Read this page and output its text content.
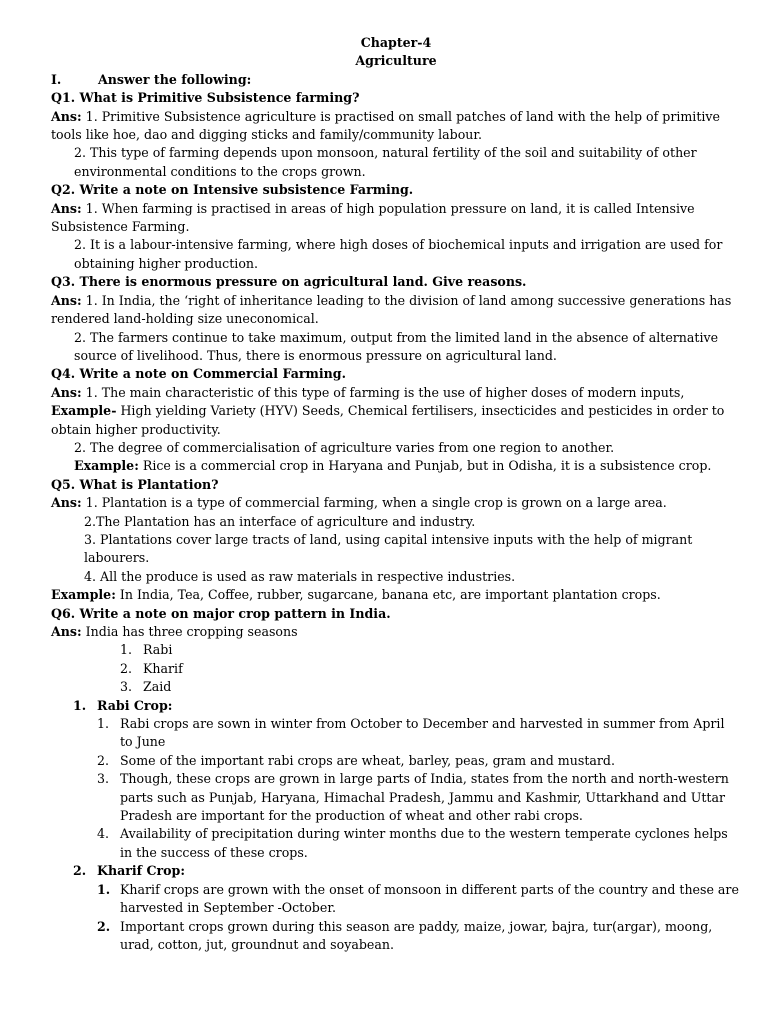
Chapter-4

Agriculture

I.	Answer the following:

Q1. What is Primitive Subsistence farming?

Ans: 1. Primitive Subsistence agriculture is practised on small patches of land with the help of primitive tools like hoe, dao and digging sticks and family/community labour.

2. This type of farming depends upon monsoon, natural fertility of the soil and suitability of other environmental conditions to the crops grown.

Q2. Write a note on Intensive subsistence Farming.

Ans: 1. When farming is practised in areas of high population pressure on land, it is called Intensive Subsistence Farming.

2. It is a labour-intensive farming, where high doses of biochemical inputs and irrigation are used for obtaining higher production.

Q3. There is enormous pressure on agricultural land. Give reasons.

Ans: 1. In India, the ‘right of inheritance leading to the division of land among successive generations has rendered land-holding size uneconomical.

2. The farmers continue to take maximum, output from the limited land in the absence of alternative source of livelihood. Thus, there is enormous pressure on agricultural land.

Q4. Write a note on Commercial Farming.

Ans: 1. The main characteristic of this type of farming is the use of higher doses of modern inputs,

Example- High yielding Variety (HYV) Seeds, Chemical fertilisers, insecticides and pesticides in order to obtain higher productivity.

2. The degree of commercialisation of agriculture varies from one region to another.

Example: Rice is a commercial crop in Haryana and Punjab, but in Odisha, it is a subsistence crop.

Q5. What is Plantation?

Ans: 1. Plantation is a type of commercial farming, when a single crop is grown on a large area.

2.The Plantation has an interface of agriculture and industry.

3. Plantations cover large tracts of land, using capital intensive inputs with the help of migrant labourers.

4. All the produce is used as raw materials in respective industries.

Example: In India, Tea, Coffee, rubber, sugarcane, banana etc, are important plantation crops.

Q6. Write a note on major crop pattern in India.

Ans: India has three cropping seasons

1. Rabi
2. Kharif
3. Zaid
1. Rabi Crop:
1. Rabi crops are sown in winter from October to December and harvested in summer from April to June
2. Some of the important rabi crops are wheat, barley, peas, gram and mustard.
3. Though, these crops are grown in large parts of India, states from the north and north-western parts such as Punjab, Haryana, Himachal Pradesh, Jammu and Kashmir, Uttarkhand and Uttar Pradesh are important for the production of wheat and other rabi crops.
4. Availability of precipitation during winter months due to the western temperate cyclones helps in the success of these crops.
2. Kharif Crop:
1. Kharif crops are grown with the onset of monsoon in different parts of the country and these are harvested in September -October.
2. Important crops grown during this season are paddy, maize, jowar, bajra, tur(argar), moong, urad, cotton, jut, groundnut and soyabean.
